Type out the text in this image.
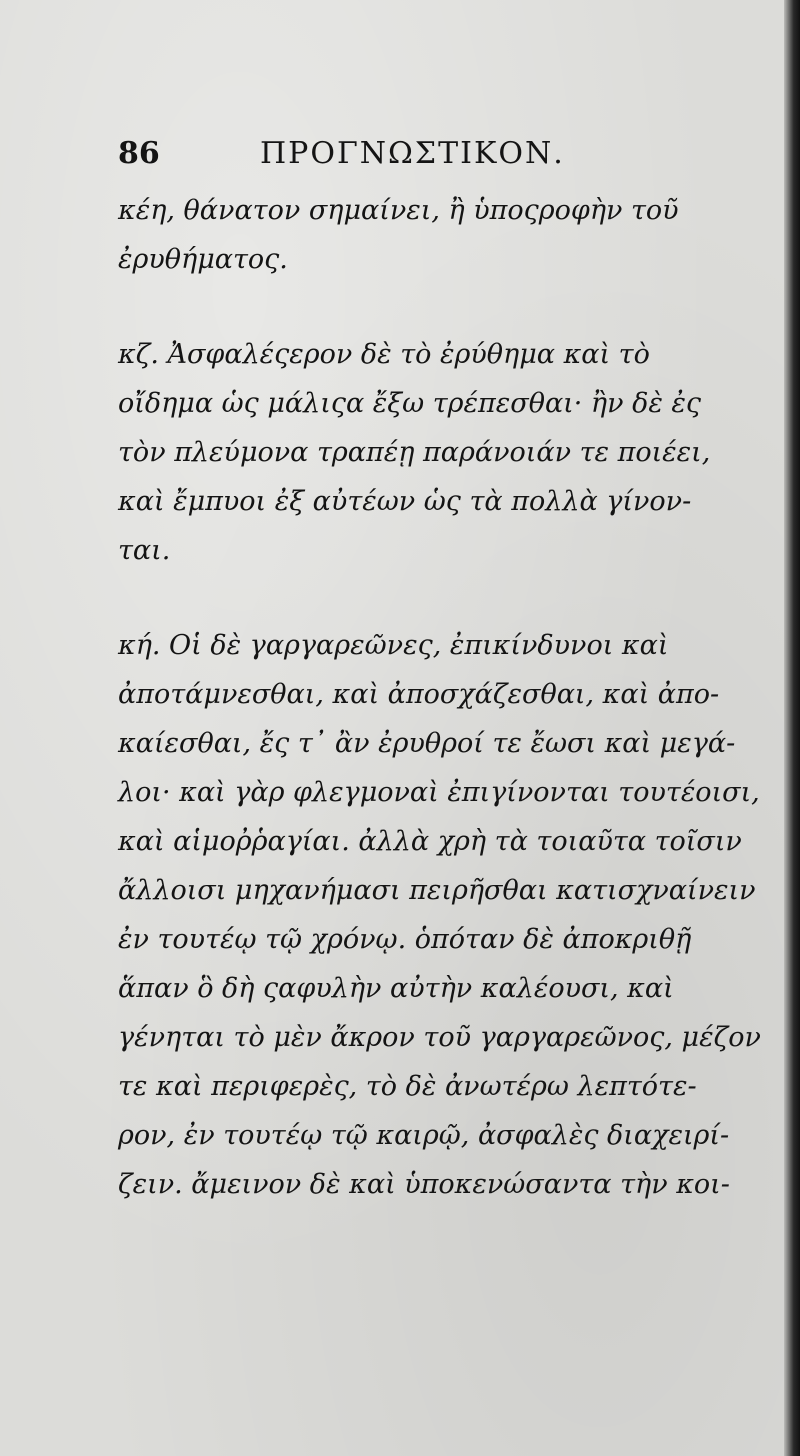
86	ΠΡΟΓΝΩΣΤΙΚΟΝ.
κέη, θάνατον σημαίνει, ἢ ὑποςροφὴν τοῦ
ἐρυθήματος.
κζ. Ἀσφαλέςερον δὲ τὸ ἐρύθημα καὶ τὸ
οἴδημα ὡς μάλιςα ἔξω τρέπεσθαι· ἢν δὲ ἐς
τὸν πλεύμονα τραπέῃ παράνοιάν τε ποιέει,
καὶ ἔμπυοι ἐξ αὐτέων ὡς τὰ πολλὰ γίνον-
ται.
κή. Οἱ δὲ γαργαρεῶνες, ἐπικίνδυνοι καὶ
ἀποτάμνεσθαι, καὶ ἀποσχάζεσθαι, καὶ ἀπο-
καίεσθαι, ἔς τ᾽ ἂν ἐρυθροί τε ἔωσι καὶ μεγά-
λοι· καὶ γὰρ φλεγμοναὶ ἐπιγίνονται τουτέοισι,
καὶ αἱμοῤῥαγίαι. ἀλλὰ χρὴ τὰ τοιαῦτα τοῖσιν
ἄλλοισι μηχανήμασι πειρῆσθαι κατισχναίνειν
ἐν τουτέῳ τῷ χρόνῳ. ὁπόταν δὲ ἀποκριθῇ
ἅπαν ὃ δὴ ςαφυλὴν αὐτὴν καλέουσι, καὶ
γένηται τὸ μὲν ἄκρον τοῦ γαργαρεῶνος, μέζον
τε καὶ περιφερὲς, τὸ δὲ ἀνωτέρω λεπτότε-
ρον, ἐν τουτέῳ τῷ καιρῷ, ἀσφαλὲς διαχειρί-
ζειν. ἄμεινον δὲ καὶ ὑποκενώσαντα τὴν κοι-
